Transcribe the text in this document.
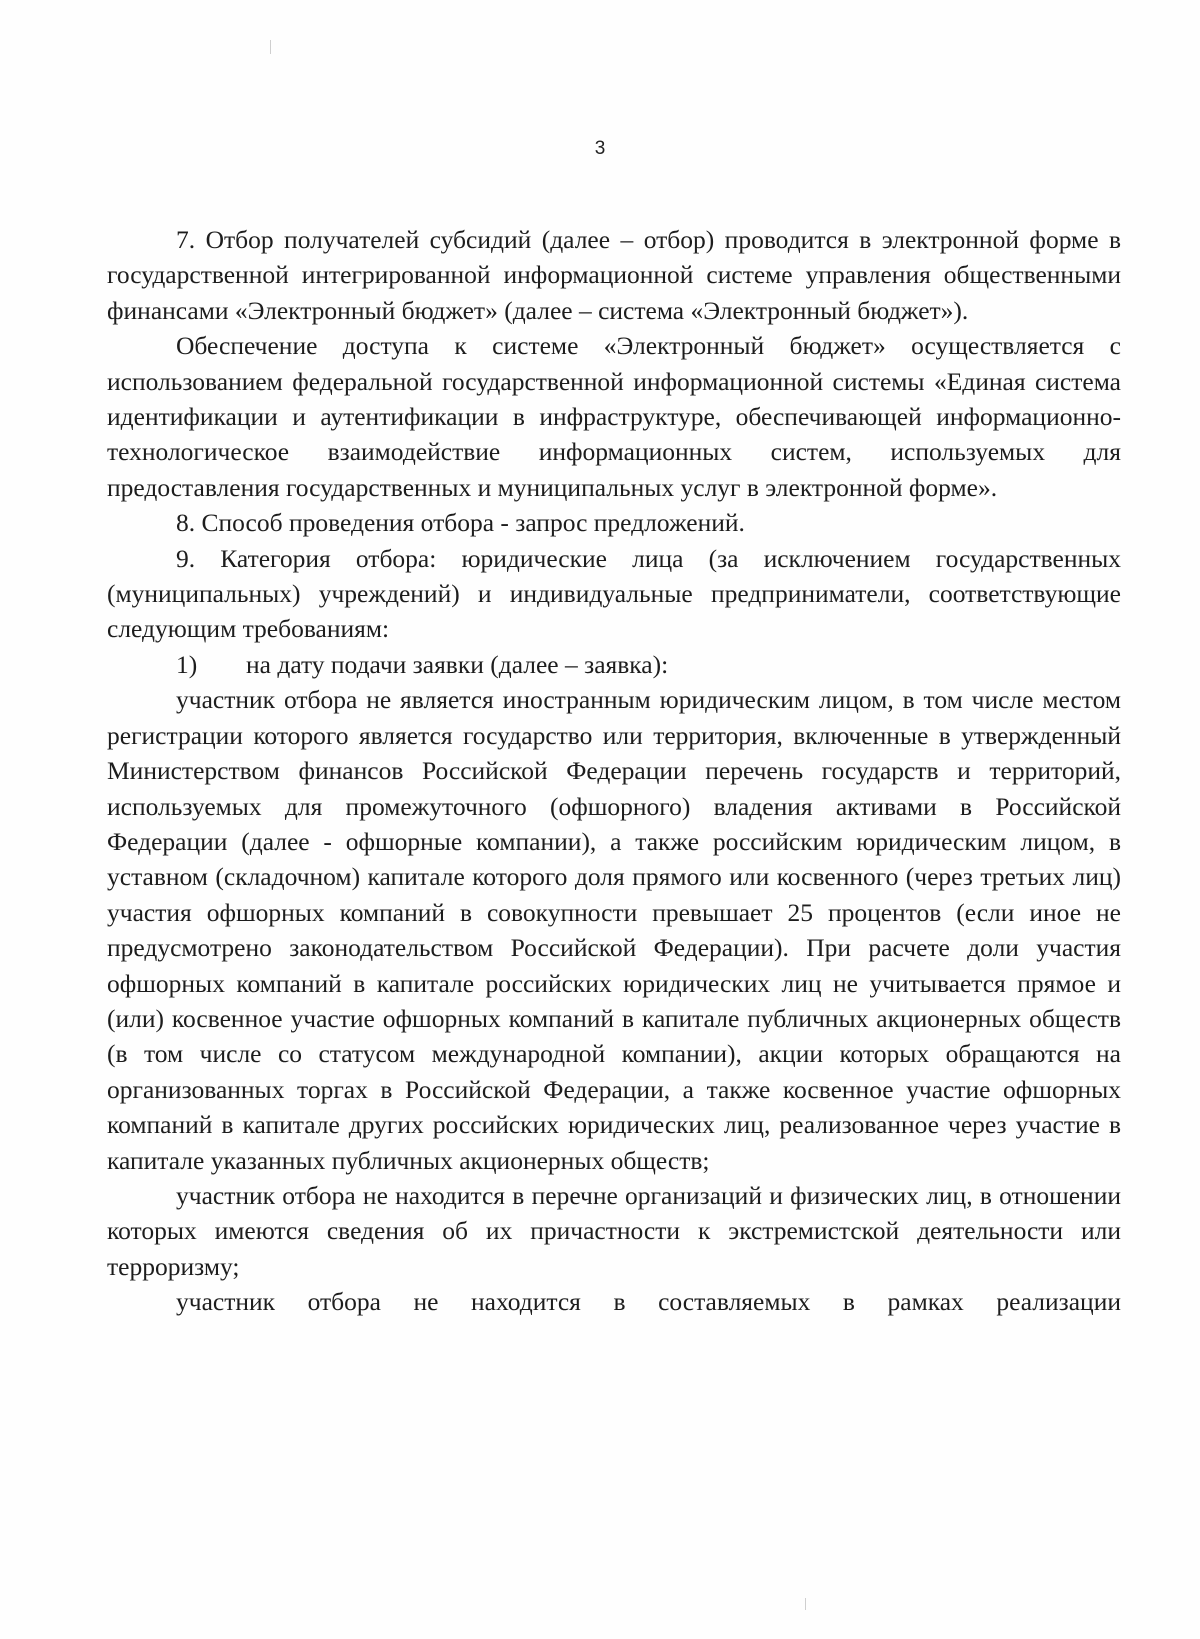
3

7. Отбор получателей субсидий (далее – отбор) проводится в электронной форме в государственной интегрированной информационной системе управления общественными финансами «Электронный бюджет» (далее – система «Электронный бюджет»).

Обеспечение доступа к системе «Электронный бюджет» осуществляется с использованием федеральной государственной информационной системы «Единая система идентификации и аутентификации в инфраструктуре, обеспечивающей информационно-технологическое взаимодействие информационных систем, используемых для предоставления государственных и муниципальных услуг в электронной форме».

8. Способ проведения отбора - запрос предложений.

9. Категория отбора: юридические лица (за исключением государственных (муниципальных) учреждений) и индивидуальные предприниматели, соответствующие следующим требованиям:

1) на дату подачи заявки (далее – заявка):

участник отбора не является иностранным юридическим лицом, в том числе местом регистрации которого является государство или территория, включенные в утвержденный Министерством финансов Российской Федерации перечень государств и территорий, используемых для промежуточного (офшорного) владения активами в Российской Федерации (далее - офшорные компании), а также российским юридическим лицом, в уставном (складочном) капитале которого доля прямого или косвенного (через третьих лиц) участия офшорных компаний в совокупности превышает 25 процентов (если иное не предусмотрено законодательством Российской Федерации). При расчете доли участия офшорных компаний в капитале российских юридических лиц не учитывается прямое и (или) косвенное участие офшорных компаний в капитале публичных акционерных обществ (в том числе со статусом международной компании), акции которых обращаются на организованных торгах в Российской Федерации, а также косвенное участие офшорных компаний в капитале других российских юридических лиц, реализованное через участие в капитале указанных публичных акционерных обществ;

участник отбора не находится в перечне организаций и физических лиц, в отношении которых имеются сведения об их причастности к экстремистской деятельности или терроризму;

участник отбора не находится в составляемых в рамках реализации
